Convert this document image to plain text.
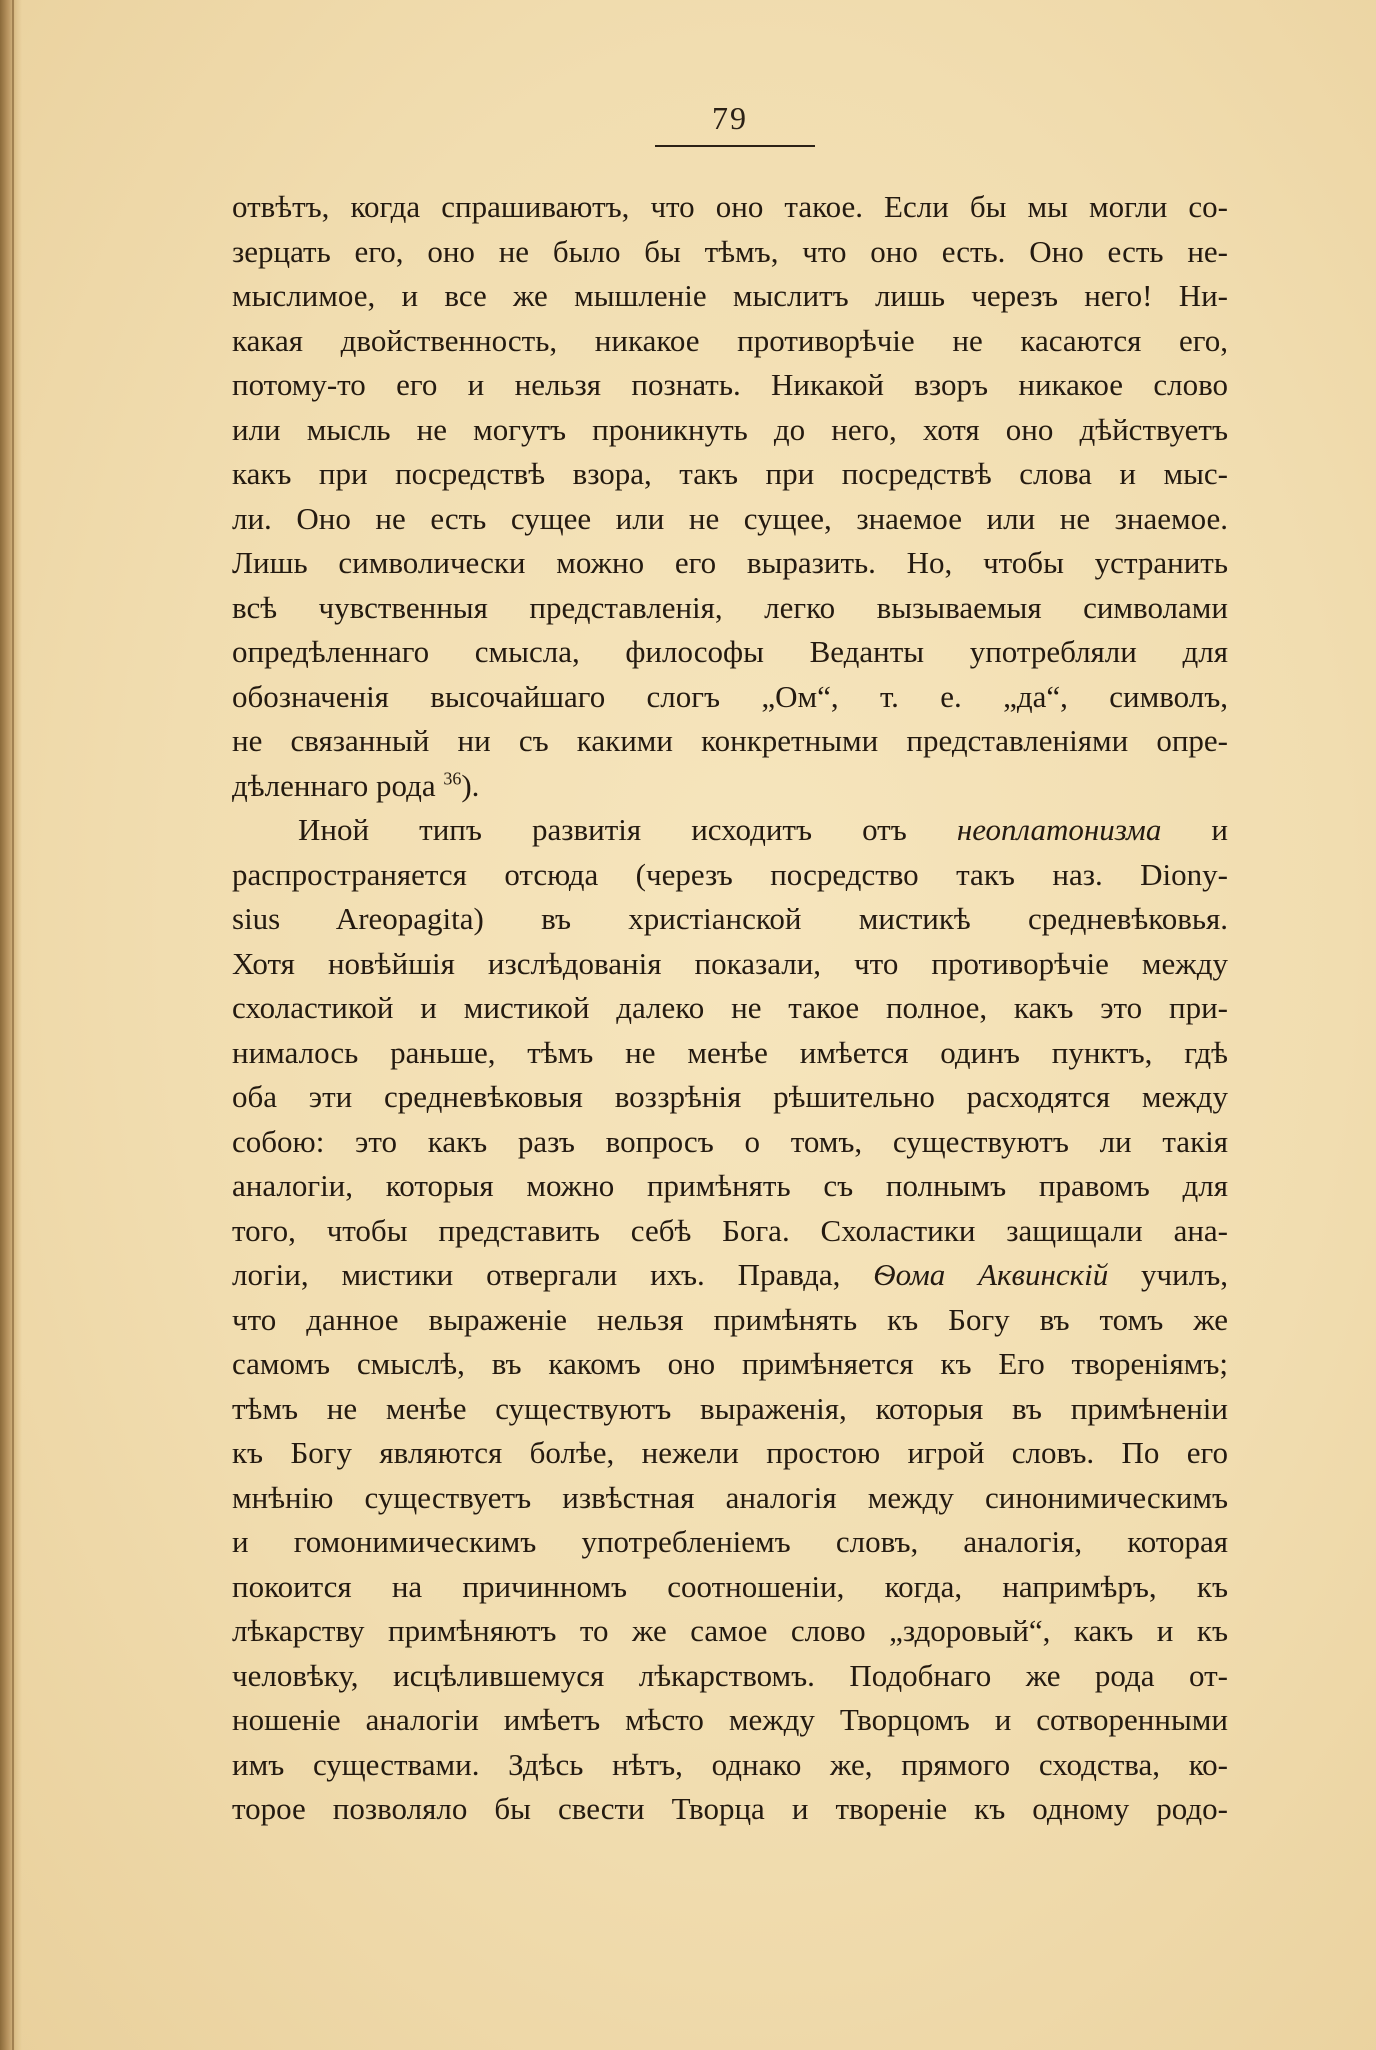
79
отвѣтъ, когда спрашиваютъ, что оно такое. Если бы мы могли со-
зерцать его, оно не было бы тѣмъ, что оно есть. Оно есть не-
мыслимое, и все же мышленіе мыслитъ лишь черезъ него! Ни-
какая двойственность, никакое противорѣчіе не касаются его,
потому-то его и нельзя познать. Никакой взоръ никакое слово
или мысль не могутъ проникнуть до него, хотя оно дѣйствуетъ
какъ при посредствѣ взора, такъ при посредствѣ слова и мыс-
ли. Оно не есть сущее или не сущее, знаемое или не знаемое.
Лишь символически можно его выразить. Но, чтобы устранить
всѣ чувственныя представленія, легко вызываемыя символами
опредѣленнаго смысла, философы Веданты употребляли для
обозначенія высочайшаго слогъ „Ом“, т. е. „да“, символъ,
не связанный ни съ какими конкретными представленіями опре-
дѣленнаго рода $^{36}$).
Иной типъ развитія исходитъ отъ неоплатонизма и
распространяется отсюда (черезъ посредство такъ наз. Dionу-
sius Areopagita) въ христіанской мистикѣ средневѣковья.
Хотя новѣйшія изслѣдованія показали, что противорѣчіе между
схоластикой и мистикой далеко не такое полное, какъ это при-
нималось раньше, тѣмъ не менѣе имѣется одинъ пунктъ, гдѣ
оба эти средневѣковыя воззрѣнія рѣшительно расходятся между
собою: это какъ разъ вопросъ о томъ, существуютъ ли такія
аналогіи, которыя можно примѣнять съ полнымъ правомъ для
того, чтобы представить себѣ Бога. Схоластики защищали ана-
логіи, мистики отвергали ихъ. Правда, Ѳома Аквинскій училъ,
что данное выраженіе нельзя примѣнять къ Богу въ томъ же
самомъ смыслѣ, въ какомъ оно примѣняется къ Его твореніямъ;
тѣмъ не менѣе существуютъ выраженія, которыя въ примѣненіи
къ Богу являются болѣе, нежели простою игрой словъ. По его
мнѣнію существуетъ извѣстная аналогія между синонимическимъ
и гомонимическимъ употребленіемъ словъ, аналогія, которая
покоится на причинномъ соотношеніи, когда, напримѣръ, къ
лѣкарству примѣняютъ то же самое слово „здоровый“, какъ и къ
человѣку, исцѣлившемуся лѣкарствомъ. Подобнаго же рода от-
ношеніе аналогіи имѣетъ мѣсто между Творцомъ и сотворенными
имъ существами. Здѣсь нѣтъ, однако же, прямого сходства, ко-
торое позволяло бы свести Творца и твореніе къ одному родо-
